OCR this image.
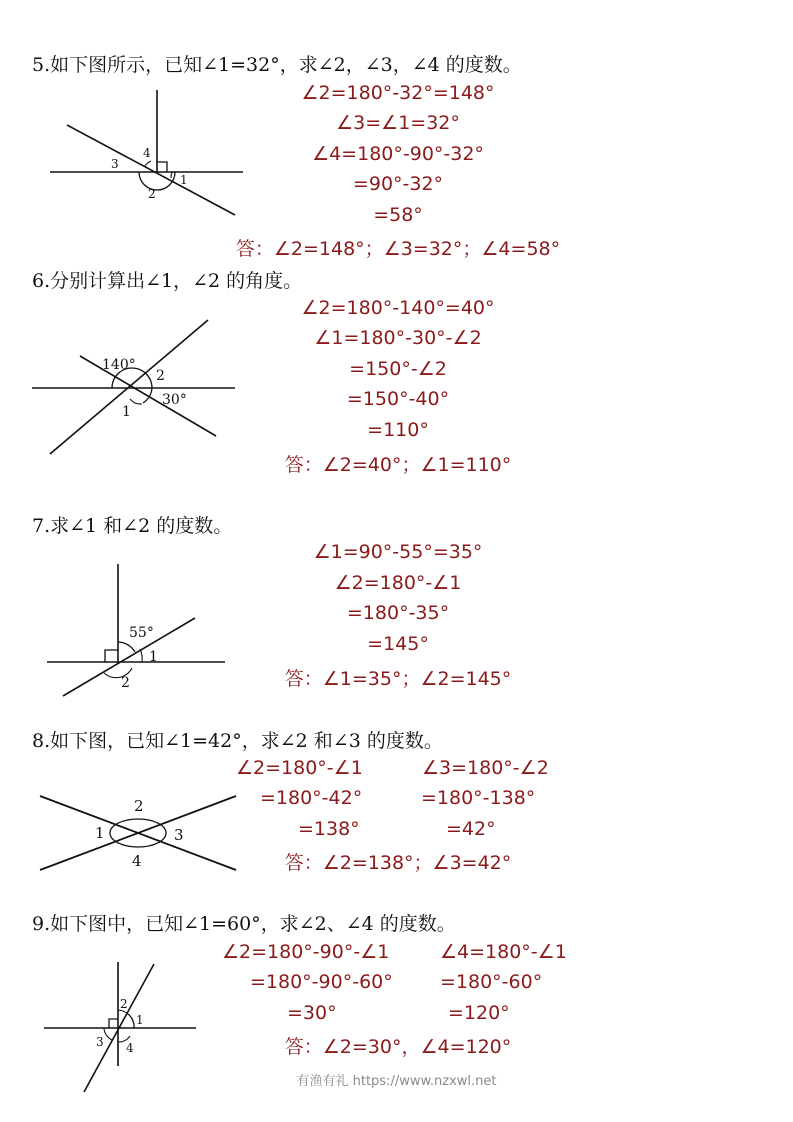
5.如下图所示，已知∠1=32°，求∠2，∠3，∠4 的度数。
4
3
1
2
∠2=180°-32°=148°
∠3=∠1=32°
∠4=180°-90°-32°
=90°-32°
=58°
答：∠2=148°；∠3=32°；∠4=58°
6.分别计算出∠1，∠2 的角度。
140°
2
30°
1
∠2=180°-140°=40°
∠1=180°-30°-∠2
=150°-∠2
=150°-40°
=110°
答：∠2=40°；∠1=110°
7.求∠1 和∠2 的度数。
55°
1
2
∠1=90°-55°=35°
∠2=180°-∠1
=180°-35°
=145°
答：∠1=35°；∠2=145°
8.如下图，已知∠1=42°，求∠2 和∠3 的度数。
2
1	3
4
∠2=180°-∠1
=180°-42°
=138°
∠3=180°-∠2
=180°-138°
=42°
答：∠2=138°；∠3=42°
9.如下图中，已知∠1=60°，求∠2、∠4 的度数。
2
1
3 4
∠2=180°-90°-∠1
=180°-90°-60°
=30°
∠4=180°-∠1
=180°-60°
=120°
答：∠2=30°，∠4=120°
有渔有礼 https://www.nzxwl.net
